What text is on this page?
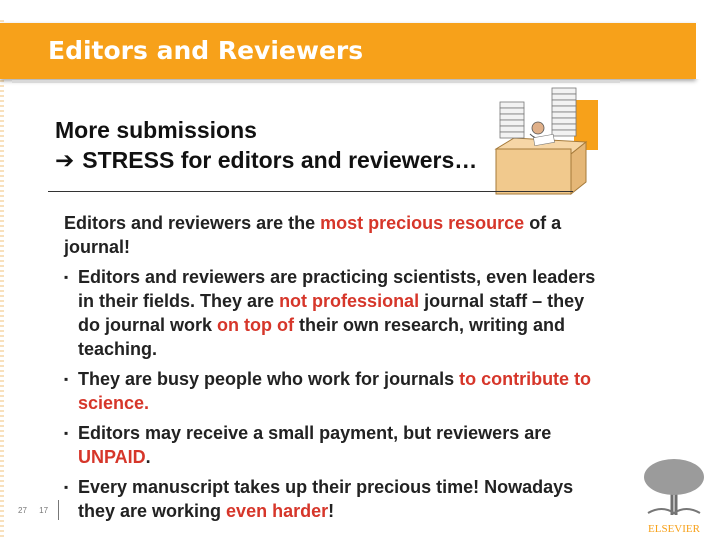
Editors and Reviewers
More submissions
➔ STRESS for editors and reviewers…
Editors and reviewers are the most precious resource of a journal!
▪ Editors and reviewers are practicing scientists, even leaders in their fields. They are not professional journal staff – they do journal work on top of their own research, writing and teaching.
▪ They are busy people who work for journals to contribute to science.
▪ Editors may receive a small payment, but reviewers are UNPAID.
▪ Every manuscript takes up their precious time! Nowadays they are working even harder!
27 17
ELSEVIER
